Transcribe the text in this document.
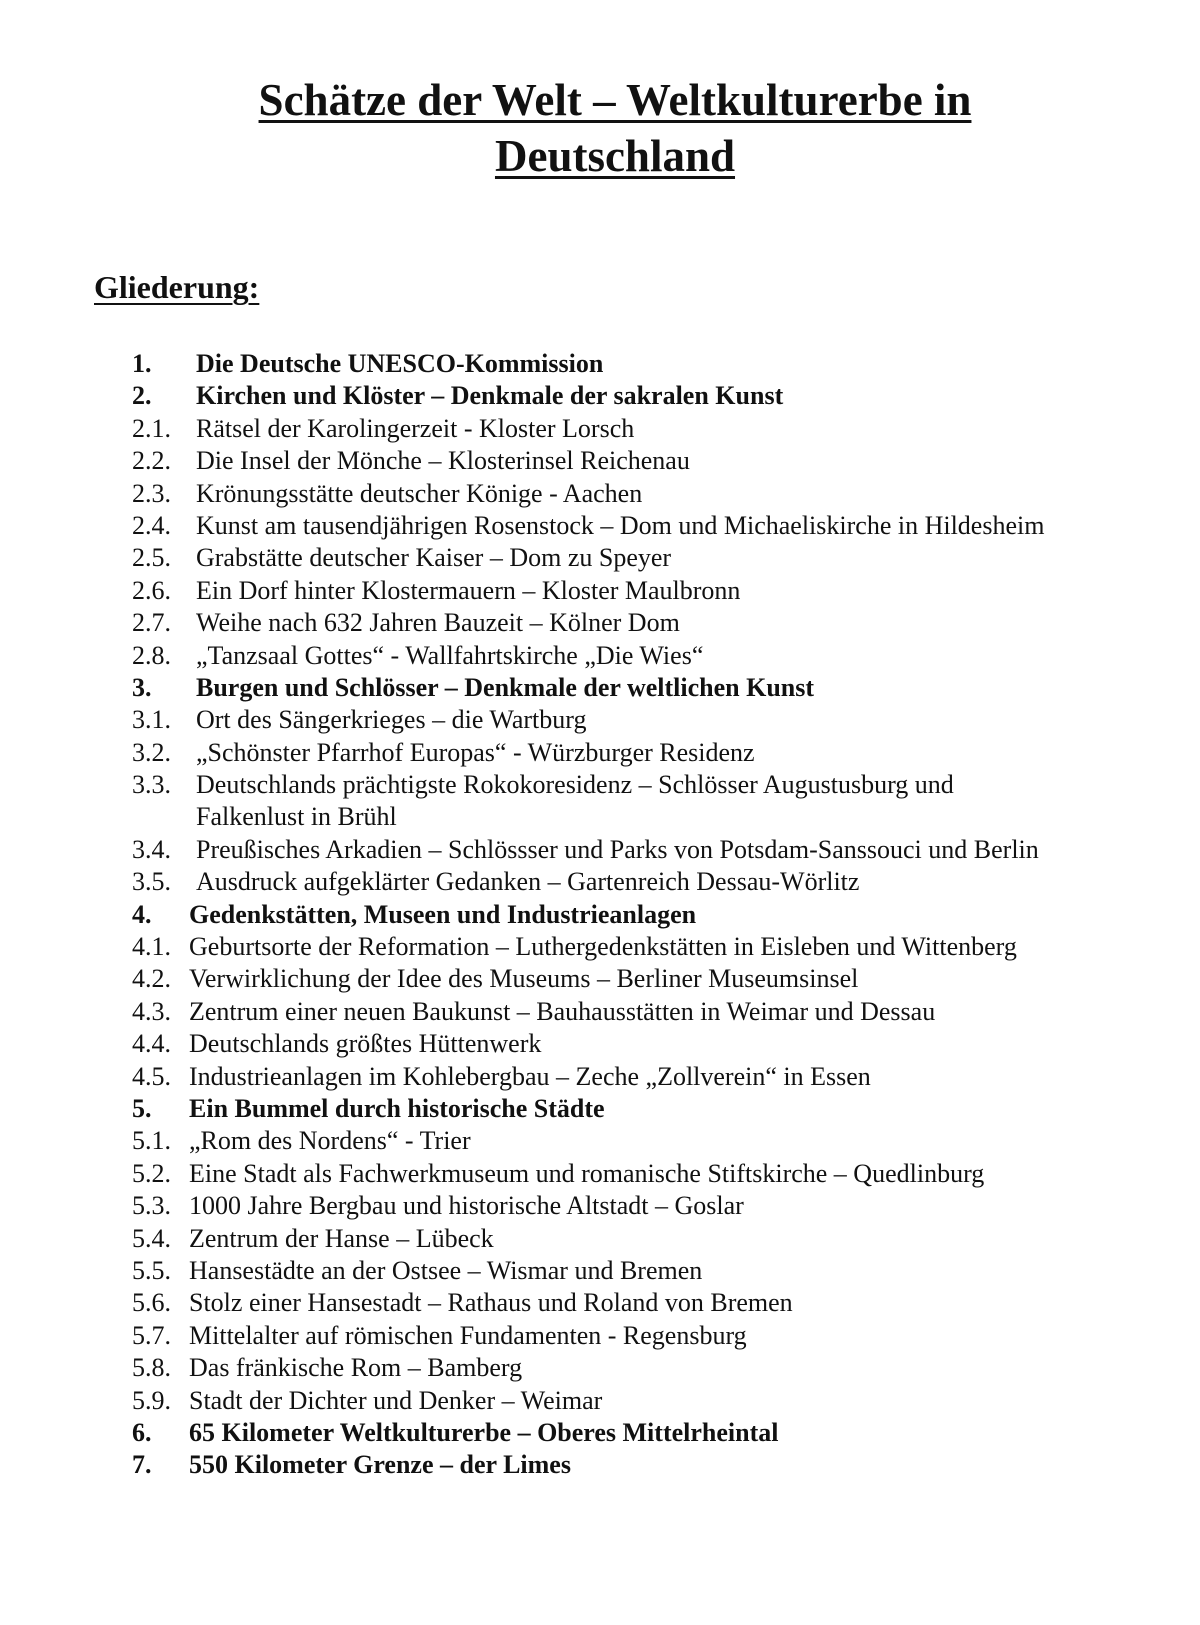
Schätze der Welt – Weltkulturerbe in
Deutschland
Gliederung:
1. Die Deutsche UNESCO-Kommission
2. Kirchen und Klöster – Denkmale der sakralen Kunst
2.1. Rätsel der Karolingerzeit - Kloster Lorsch
2.2. Die Insel der Mönche – Klosterinsel Reichenau
2.3. Krönungsstätte deutscher Könige - Aachen
2.4. Kunst am tausendjährigen Rosenstock – Dom und Michaeliskirche in Hildesheim
2.5. Grabstätte deutscher Kaiser – Dom zu Speyer
2.6. Ein Dorf hinter Klostermauern – Kloster Maulbronn
2.7. Weihe nach 632 Jahren Bauzeit – Kölner Dom
2.8. „Tanzsaal Gottes“ - Wallfahrtskirche „Die Wies“
3. Burgen und Schlösser – Denkmale der weltlichen Kunst
3.1. Ort des Sängerkrieges – die Wartburg
3.2. „Schönster Pfarrhof Europas“ - Würzburger Residenz
3.3. Deutschlands prächtigste Rokokoresidenz – Schlösser Augustusburg und
Falkenlust in Brühl
3.4. Preußisches Arkadien – Schlössser und Parks von Potsdam-Sanssouci und Berlin
3.5. Ausdruck aufgeklärter Gedanken – Gartenreich Dessau-Wörlitz
4. Gedenkstätten, Museen und Industrieanlagen
4.1. Geburtsorte der Reformation – Luthergedenkstätten in Eisleben und Wittenberg
4.2. Verwirklichung der Idee des Museums – Berliner Museumsinsel
4.3. Zentrum einer neuen Baukunst – Bauhausstätten in Weimar und Dessau
4.4. Deutschlands größtes Hüttenwerk
4.5. Industrieanlagen im Kohlebergbau – Zeche „Zollverein“ in Essen
5. Ein Bummel durch historische Städte
5.1. „Rom des Nordens“ - Trier
5.2. Eine Stadt als Fachwerkmuseum und romanische Stiftskirche – Quedlinburg
5.3. 1000 Jahre Bergbau und historische Altstadt – Goslar
5.4. Zentrum der Hanse – Lübeck
5.5. Hansestädte an der Ostsee – Wismar und Bremen
5.6. Stolz einer Hansestadt – Rathaus und Roland von Bremen
5.7. Mittelalter auf römischen Fundamenten - Regensburg
5.8. Das fränkische Rom – Bamberg
5.9. Stadt der Dichter und Denker – Weimar
6. 65 Kilometer Weltkulturerbe – Oberes Mittelrheintal
7. 550 Kilometer Grenze – der Limes
